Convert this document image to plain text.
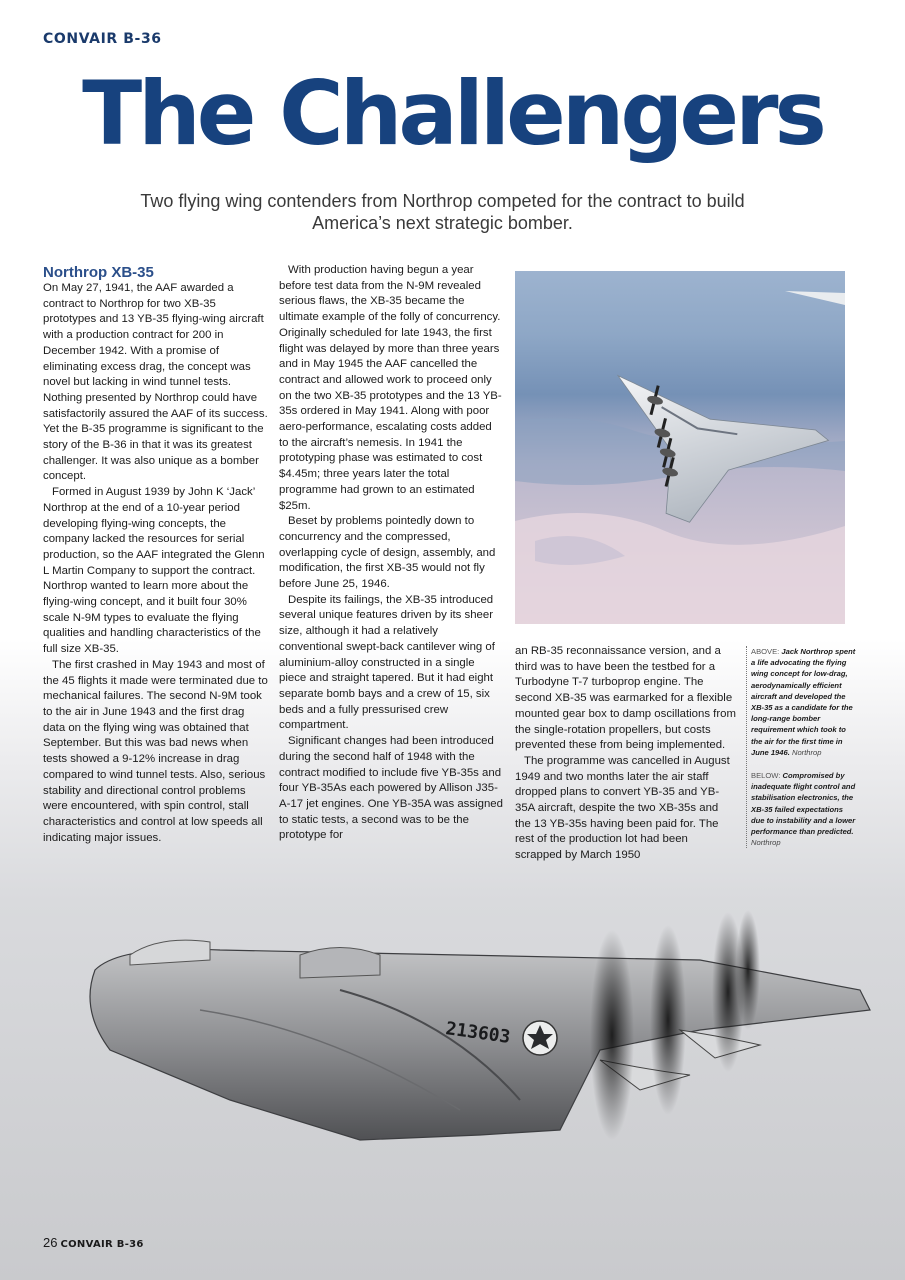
CONVAIR B-36
The Challengers

Two flying wing contenders from Northrop competed for the contract to build America’s next strategic bomber.

Northrop XB-35

On May 27, 1941, the AAF awarded a contract to Northrop for two XB-35 prototypes and 13 YB-35 flying-wing aircraft with a production contract for 200 in December 1942. With a promise of eliminating excess drag, the concept was novel but lacking in wind tunnel tests. Nothing presented by Northrop could have satisfactorily assured the AAF of its success. Yet the B-35 programme is significant to the story of the B-36 in that it was its greatest challenger. It was also unique as a bomber concept.

Formed in August 1939 by John K ‘Jack’ Northrop at the end of a 10-year period developing flying-wing concepts, the company lacked the resources for serial production, so the AAF integrated the Glenn L Martin Company to support the contract. Northrop wanted to learn more about the flying-wing concept, and it built four 30% scale N-9M types to evaluate the flying qualities and handling characteristics of the full size XB-35.

The first crashed in May 1943 and most of the 45 flights it made were terminated due to mechanical failures. The second N-9M took to the air in June 1943 and the first drag data on the flying wing was obtained that September. But this was bad news when tests showed a 9-12% increase in drag compared to wind tunnel tests. Also, serious stability and directional control problems were encountered, with spin control, stall characteristics and control at low speeds all indicating major issues.

With production having begun a year before test data from the N-9M revealed serious flaws, the XB-35 became the ultimate example of the folly of concurrency. Originally scheduled for late 1943, the first flight was delayed by more than three years and in May 1945 the AAF cancelled the contract and allowed work to proceed only on the two XB-35 prototypes and the 13 YB-35s ordered in May 1941. Along with poor aero-performance, escalating costs added to the aircraft’s nemesis. In 1941 the prototyping phase was estimated to cost $4.45m; three years later the total programme had grown to an estimated $25m.

Beset by problems pointedly down to concurrency and the compressed, overlapping cycle of design, assembly, and modification, the first XB-35 would not fly before June 25, 1946.

Despite its failings, the XB-35 introduced several unique features driven by its sheer size, although it had a relatively conventional swept-back cantilever wing of aluminium-alloy constructed in a single piece and straight tapered. But it had eight separate bomb bays and a crew of 15, six beds and a fully pressurised crew compartment.

Significant changes had been introduced during the second half of 1948 with the contract modified to include five YB-35s and four YB-35As each powered by Allison J35-A-17 jet engines. One YB-35A was assigned to static tests, a second was to be the prototype for

an RB-35 reconnaissance version, and a third was to have been the testbed for a Turbodyne T-7 turboprop engine. The second XB-35 was earmarked for a flexible mounted gear box to damp oscillations from the single-rotation propellers, but costs prevented these from being implemented.

The programme was cancelled in August 1949 and two months later the air staff dropped plans to convert YB-35 and YB-35A aircraft, despite the two XB-35s and the 13 YB-35s having been paid for. The rest of the production lot had been scrapped by March 1950

ABOVE: Jack Northrop spent a life advocating the flying wing concept for low-drag, aerodynamically efficient aircraft and developed the XB-35 as a candidate for the long-range bomber requirement which took to the air for the first time in June 1946. Northrop
BELOW: Compromised by inadequate flight control and stabilisation electronics, the XB-35 failed expectations due to instability and a lower performance than predicted. Northrop
213603
26 CONVAIR B-36
